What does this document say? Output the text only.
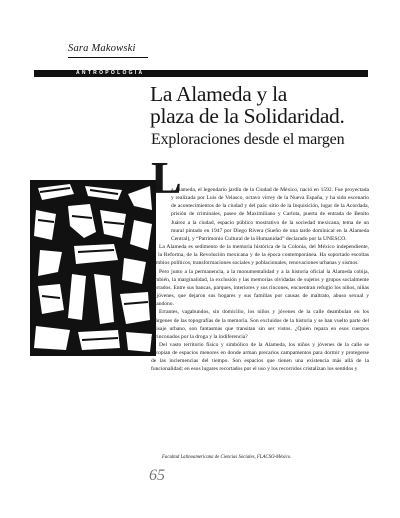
Sara Makowski
ANTROPOLOGÍA
La Alameda y la
plaza de la Solidaridad.
Exploraciones desde el margen
L

a Alameda, el legendario jardín de la Ciudad de México, nació en 1592. Fue proyectada y realizada por Luis de Velasco, octavo virrey de la Nueva España, y ha sido escenario de acontecimientos de la ciudad y del país: sitio de la Inquisición, lugar de la Acordada, prisión de criminales, paseo de Maximiliano y Carlota, puerta de entrada de Benito Juárez a la ciudad, espacio público mostrativo de la sociedad mexicana, tema de un mural pintado en 1947 por Diego Rivera (Sueño de una tarde dominical en la Alameda Central), y “Patrimonio Cultural de la Humanidad” declarado por la UNESCO.

La Alameda es sedimento de la memoria histórica de la Colonia, del México independiente, de la Reforma, de la Revolución mexicana y de la época contemporánea. Ha soportado escoltas cambios políticos, transformaciones sociales y poblacionales, renovaciones urbanas y sismos.

Pero junto a la permanencia, a la monumentalidad y a la historia oficial la Alameda cobija, también, la marginalidad, la exclusión y las memorias olvidadas de sujetos y grupos socialmente borrados. Entre sus bancas, parques, interiores y sus rincones, encuentran refugio los niños, niñas y jóvenes, que dejaron sus hogares y sus familias por causas de maltrato, abuso sexual y abandono.

Errantes, vagabundos, sin domicilio, los niños y jóvenes de la calle deambulan en los márgenes de las topografías de la memoria. Son excluidos de la historia y se han vuelto parte del paisaje urbano, son fantasmas que transitan sin ser vistos. ¿Quién repara en esos cuerpos arrinconados por la droga y la indiferencia?

Del vasto territorio físico y simbólico de la Alameda, los niños y jóvenes de la calle se apropian de espacios menores en donde arman precarios campamentos para dormir y protegerse de las inclemencias del tiempo. Son espacios que tienen una existencia más allá de la funcionalidad; en esos lugares recortados por el uso y los recorridos cristalizan los sentidos y

Facultad Latinoamericana de Ciencias Sociales, FLACSO-México.
65
